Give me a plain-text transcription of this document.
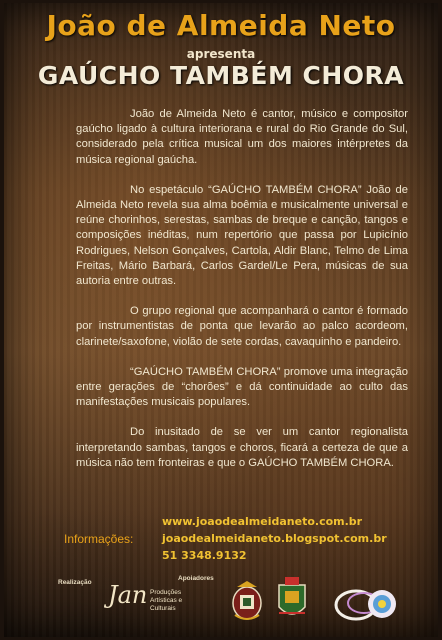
João de Almeida Neto
apresenta
GAÚCHO TAMBÉM CHORA

João de Almeida Neto é cantor, músico e compositor gaúcho ligado à cultura interiorana e rural do Rio Grande do Sul, considerado pela crítica musical um dos maiores intérpretes da música regional gaúcha.

No espetáculo “GAÚCHO TAMBÉM CHORA” João de Almeida Neto revela sua alma boêmia e musicalmente universal e reúne chorinhos, serestas, sambas de breque e canção, tangos e composições inéditas, num repertório que passa por Lupicínio Rodrigues, Nelson Gonçalves, Cartola, Aldir Blanc, Telmo de Lima Freitas, Mário Barbará, Carlos Gardel/Le Pera, músicas de sua autoria entre outras.

O grupo regional que acompanhará o cantor é formado por instrumentistas de ponta que levarão ao palco acordeom, clarinete/saxofone, violão de sete cordas, cavaquinho e pandeiro.

“GAÚCHO TAMBÉM CHORA” promove uma integração entre gerações de “chorões” e dá continuidade ao culto das manifestações musicais populares.

Do inusitado de se ver um cantor regionalista interpretando sambas, tangos e choros, ficará a certeza de que a música não tem fronteiras e que o GAÚCHO TAMBÉM CHORA.

Informações:
www.joaodealmeidaneto.com.br
joaodealmeidaneto.blogspot.com.br
51 3348.9132
Realização
Apoiadores
Jan Produções Artísticas e Culturais
